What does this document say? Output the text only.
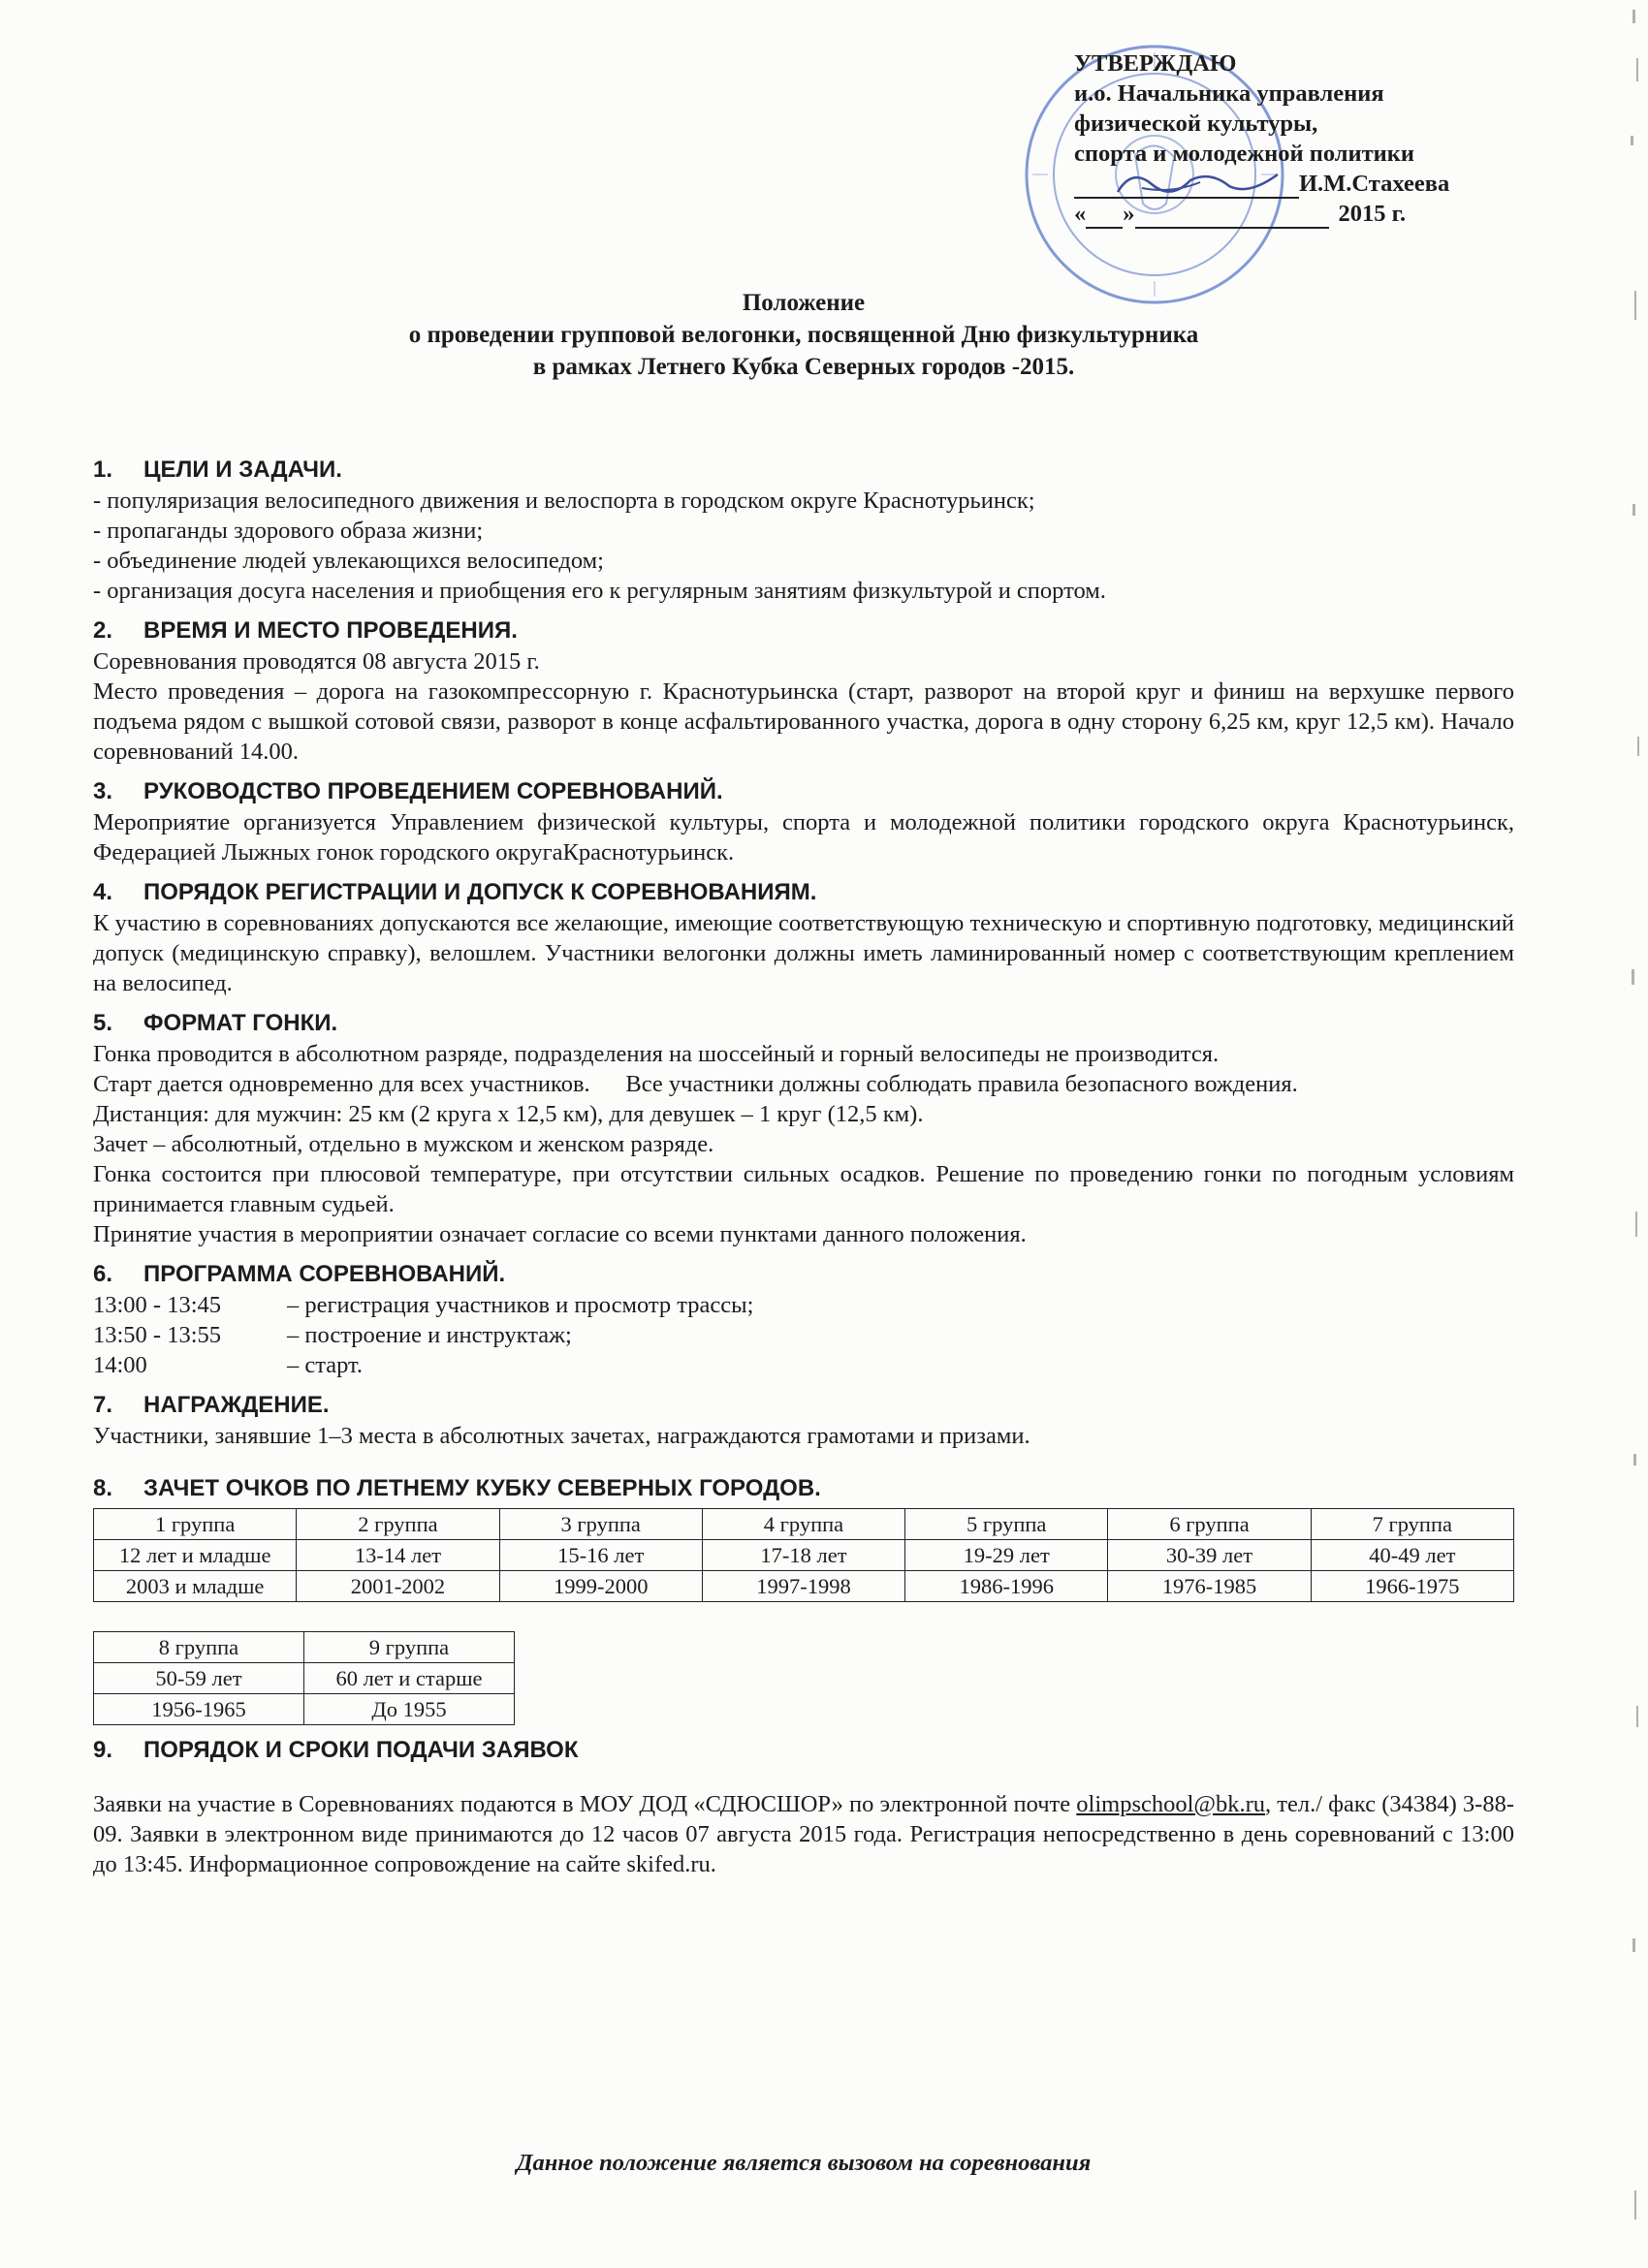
УТВЕРЖДАЮ
и.о. Начальника управления
физической культуры,
спорта и молодежной политики
И.М.Стахеева
« »	2015 г.
Положение
о проведении групповой велогонки, посвященной Дню физкультурника
в рамках Летнего Кубка Северных городов -2015.
1.	ЦЕЛИ И ЗАДАЧИ.
- популяризация велосипедного движения и велоспорта в городском округе Краснотурьинск;
- пропаганды здорового образа жизни;
- объединение людей увлекающихся велосипедом;
- организация досуга населения и приобщения его к регулярным занятиям физкультурой и спортом.
2.	ВРЕМЯ И МЕСТО ПРОВЕДЕНИЯ.
Соревнования проводятся 08 августа 2015 г.
Место проведения – дорога на газокомпрессорную г. Краснотурьинска (старт, разворот на второй круг и финиш на верхушке первого подъема рядом с вышкой сотовой связи, разворот в конце асфальтированного участка, дорога в одну сторону 6,25 км, круг 12,5 км). Начало соревнований 14.00.
3.	РУКОВОДСТВО ПРОВЕДЕНИЕМ СОРЕВНОВАНИЙ.
Мероприятие организуется Управлением физической культуры, спорта и молодежной политики городского округа Краснотурьинск, Федерацией Лыжных гонок городского округаКраснотурьинск.
4.	ПОРЯДОК РЕГИСТРАЦИИ И ДОПУСК К СОРЕВНОВАНИЯМ.
К участию в соревнованиях допускаются все желающие, имеющие соответствующую техническую и спортивную подготовку, медицинский допуск (медицинскую справку), велошлем. Участники велогонки должны иметь ламинированный номер с соответствующим креплением на велосипед.
5.	ФОРМАТ ГОНКИ.
Гонка проводится в абсолютном разряде, подразделения на шоссейный и горный велосипеды не производится.
Старт дается одновременно для всех участников.      Все участники должны соблюдать правила безопасного вождения.
Дистанция: для мужчин: 25 км (2 круга х 12,5 км), для девушек – 1 круг (12,5 км).
Зачет – абсолютный, отдельно в мужском и женском разряде.
Гонка состоится при плюсовой температуре, при отсутствии сильных осадков. Решение по проведению гонки по погодным условиям принимается главным судьей.
Принятие участия в мероприятии означает согласие со всеми пунктами данного положения.
6.	ПРОГРАММА СОРЕВНОВАНИЙ.
13:00 - 13:45	– регистрация участников и просмотр трассы;
13:50 - 13:55	– построение и инструктаж;
14:00	– старт.
7.	НАГРАЖДЕНИЕ.
Участники, занявшие 1–3 места в абсолютных зачетах, награждаются грамотами и призами.
8.	ЗАЧЕТ ОЧКОВ ПО ЛЕТНЕМУ КУБКУ СЕВЕРНЫХ ГОРОДОВ.
1 группа	2 группа	3 группа	4 группа	5 группа	6 группа	7 группа
12 лет и младше	13-14 лет	15-16 лет	17-18 лет	19-29 лет	30-39 лет	40-49 лет
2003 и младше	2001-2002	1999-2000	1997-1998	1986-1996	1976-1985	1966-1975
8 группа	9 группа
50-59 лет	60 лет и старше
1956-1965	До 1955
9.	ПОРЯДОК И СРОКИ ПОДАЧИ ЗАЯВОК
Заявки на участие в Соревнованиях подаются в МОУ ДОД «СДЮСШОР» по электронной почте olimpschool@bk.ru, тел./ факс (34384) 3-88-09. Заявки в электронном виде принимаются до 12 часов 07 августа 2015 года. Регистрация непосредственно в день соревнований с 13:00 до 13:45. Информационное сопровождение на сайте skifed.ru.
Данное положение является вызовом на соревнования
